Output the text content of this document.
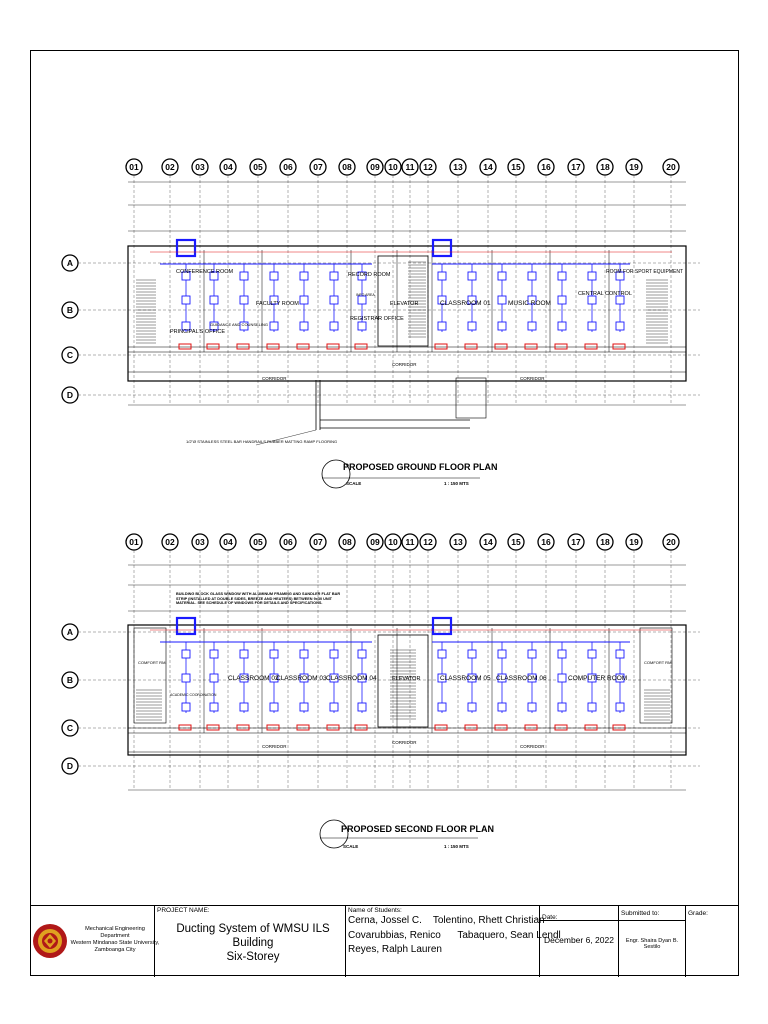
01	02 03 04 05 06 07 08 09 10 11 12 13 14 15 16 17 18 19	20
CONFERENCE ROOM
FACULTY ROOM
RECORD ROOM
REGISTRAR OFFICE
PRINCIPAL'S OFFICE
GUIDANCE AND COUNSELING
ELEVATOR	CLASSROOM 01	MUSIC ROOM
CENTRAL CONTROL
ROOM FOR SPORT EQUIPMENT
CORRIDOR
CORRIDOR
CORRIDOR
INFO AREA
1/2"Ø STAINLESS STEEL BAR HANDRAILS RUBBER MATTING RAMP FLOORING
PROPOSED GROUND FLOOR PLAN
SCALE	1 : 150 MTS
A
B
C
D
01	02 03 04 05 06 07 08 09 10 11 12 13 14 15 16 17 18 19	20
COMFORT RM.
CLASSROOM 02
CLASSROOM 03 CLASSROOM 04	ELEVATOR	CLASSROOM 05 CLASSROOM 06	COMPUTER ROOM
COMFORT RM.
CORRIDOR
CORRIDOR
CORRIDOR
ACADEMIC COORDINATION
BUILDING BLOCK GLASS WINDOW WITH ALUMINUM FRAMING AND SANDLER FLAT BAR STRIP (INSTALLED AT DOUBLE SIDES, BREEZE AND HEATERS) BETWEEN 9x30 UNIT MATERIAL. SEE SCHEDULE OF WINDOWS FOR DETAILS AND SPECIFICATIONS.
PROPOSED SECOND FLOOR PLAN
SCALE	1 : 150 MTS
A
B
C
D
Mechanical Engineering Department
Western Mindanao State University,
Zamboanga City
PROJECT NAME:
Ducting System of WMSU ILS Building
Six-Storey
Name of Students:
Cerna, Jossel C.    Tolentino, Rhett Christian
Covarubbias, Renico      Tabaquero, Sean Lendl
Reyes, Ralph Lauren
Date:
December 6, 2022
Submitted to:
Engr. Shaira Dyan B. Sestilo
Grade:
